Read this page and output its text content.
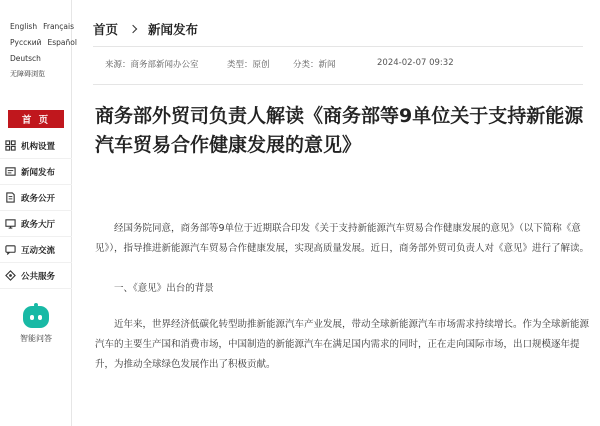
English Français
Русский Español
Deutsch
无障碍浏览
首 页
机构设置
新闻发布
政务公开
政务大厅
互动交流
公共服务
智能问答
首页 新闻发布
来源：商务部新闻办公室	类型：原创	分类：新闻	2024-02-07 09:32
商务部外贸司负责人解读《商务部等9单位关于支持新能源汽车贸易合作健康发展的意见》

经国务院同意，商务部等9单位于近期联合印发《关于支持新能源汽车贸易合作健康发展的意见》（以下简称《意见》），指导推进新能源汽车贸易合作健康发展，实现高质量发展。近日，商务部外贸司负责人对《意见》进行了解读。

一、《意见》出台的背景

近年来，世界经济低碳化转型助推新能源汽车产业发展，带动全球新能源汽车市场需求持续增长。作为全球新能源汽车的主要生产国和消费市场，中国制造的新能源汽车在满足国内需求的同时，正在走向国际市场，出口规模逐年提升，为推动全球绿色发展作出了积极贡献。
